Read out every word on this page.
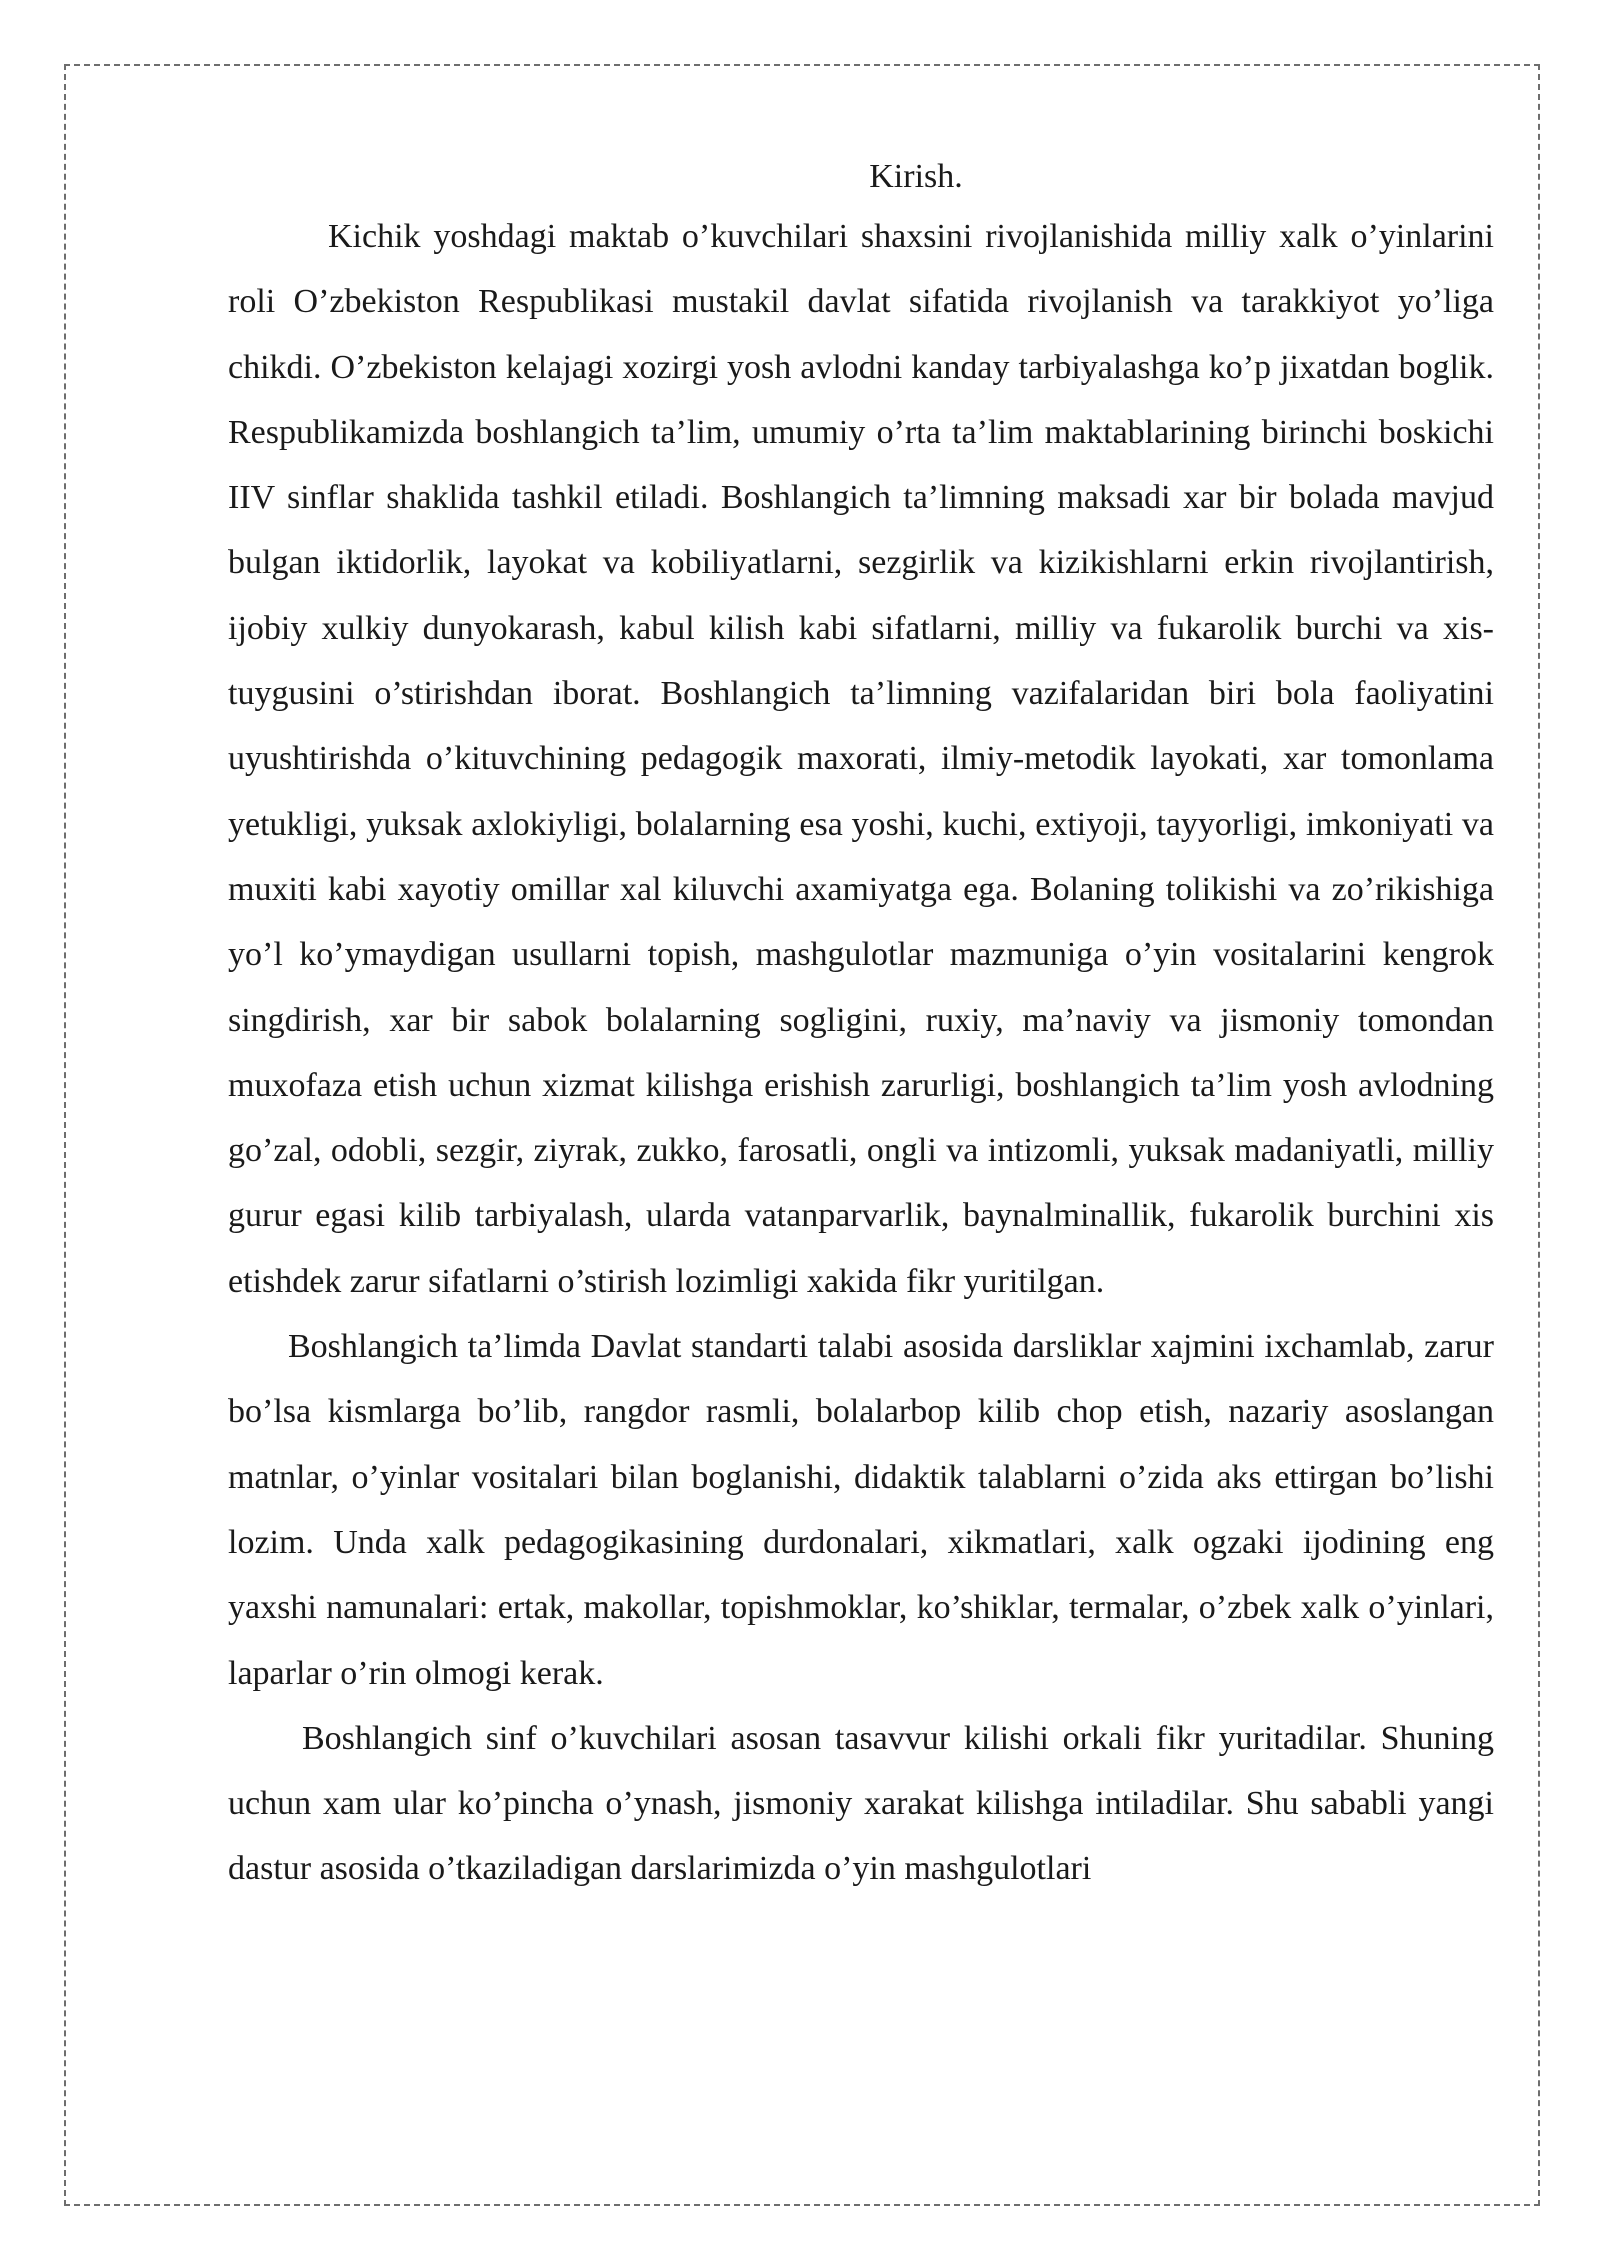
Kirish.

Kichik yoshdagi maktab o’kuvchilari shaxsini rivojlanishida milliy xalk o’yinlarini roli O’zbekiston Respublikasi mustakil davlat sifatida rivojlanish va tarakkiyot yo’liga chikdi. O’zbekiston kelajagi xozirgi yosh avlodni kanday tarbiyalashga ko’p jixatdan boglik. Respublikamizda boshlangich ta’lim, umumiy o’rta ta’lim maktablarining birinchi boskichi IIV sinflar shaklida tashkil etiladi. Boshlangich ta’limning maksadi xar bir bolada mavjud bulgan iktidorlik, layokat va kobiliyatlarni, sezgirlik va kizikishlarni erkin rivojlantirish, ijobiy xulkiy dunyokarash, kabul kilish kabi sifatlarni, milliy va fukarolik burchi va xis-tuygusini o’stirishdan iborat. Boshlangich ta’limning vazifalaridan biri bola faoliyatini uyushtirishda o’kituvchining pedagogik maxorati, ilmiy-metodik layokati, xar tomonlama yetukligi, yuksak axlokiyligi, bolalarning esa yoshi, kuchi, extiyoji, tayyorligi, imkoniyati va muxiti kabi xayotiy omillar xal kiluvchi axamiyatga ega. Bolaning tolikishi va zo’rikishiga yo’l ko’ymaydigan usullarni topish, mashgulotlar mazmuniga o’yin vositalarini kengrok singdirish, xar bir sabok bolalarning sogligini, ruxiy, ma’naviy va jismoniy tomondan muxofaza etish uchun xizmat kilishga erishish zarurligi, boshlangich ta’lim yosh avlodning go’zal, odobli, sezgir, ziyrak, zukko, farosatli, ongli va intizomli, yuksak madaniyatli, milliy gurur egasi kilib tarbiyalash, ularda vatanparvarlik, baynalminallik, fukarolik burchini xis etishdek zarur sifatlarni o’stirish lozimligi xakida fikr yuritilgan.

Boshlangich ta’limda Davlat standarti talabi asosida darsliklar xajmini ixchamlab, zarur bo’lsa kismlarga bo’lib, rangdor rasmli, bolalarbop kilib chop etish, nazariy asoslangan matnlar, o’yinlar vositalari bilan boglanishi, didaktik talablarni o’zida aks ettirgan bo’lishi lozim. Unda xalk pedagogikasining durdonalari, xikmatlari, xalk ogzaki ijodining eng yaxshi namunalari: ertak, makollar, topishmoklar, ko’shiklar, termalar, o’zbek xalk o’yinlari, laparlar o’rin olmogi kerak.

Boshlangich sinf o’kuvchilari asosan tasavvur kilishi orkali fikr yuritadilar. Shuning uchun xam ular ko’pincha o’ynash, jismoniy xarakat kilishga intiladilar. Shu sababli yangi dastur asosida o’tkaziladigan darslarimizda o’yin mashgulotlari
